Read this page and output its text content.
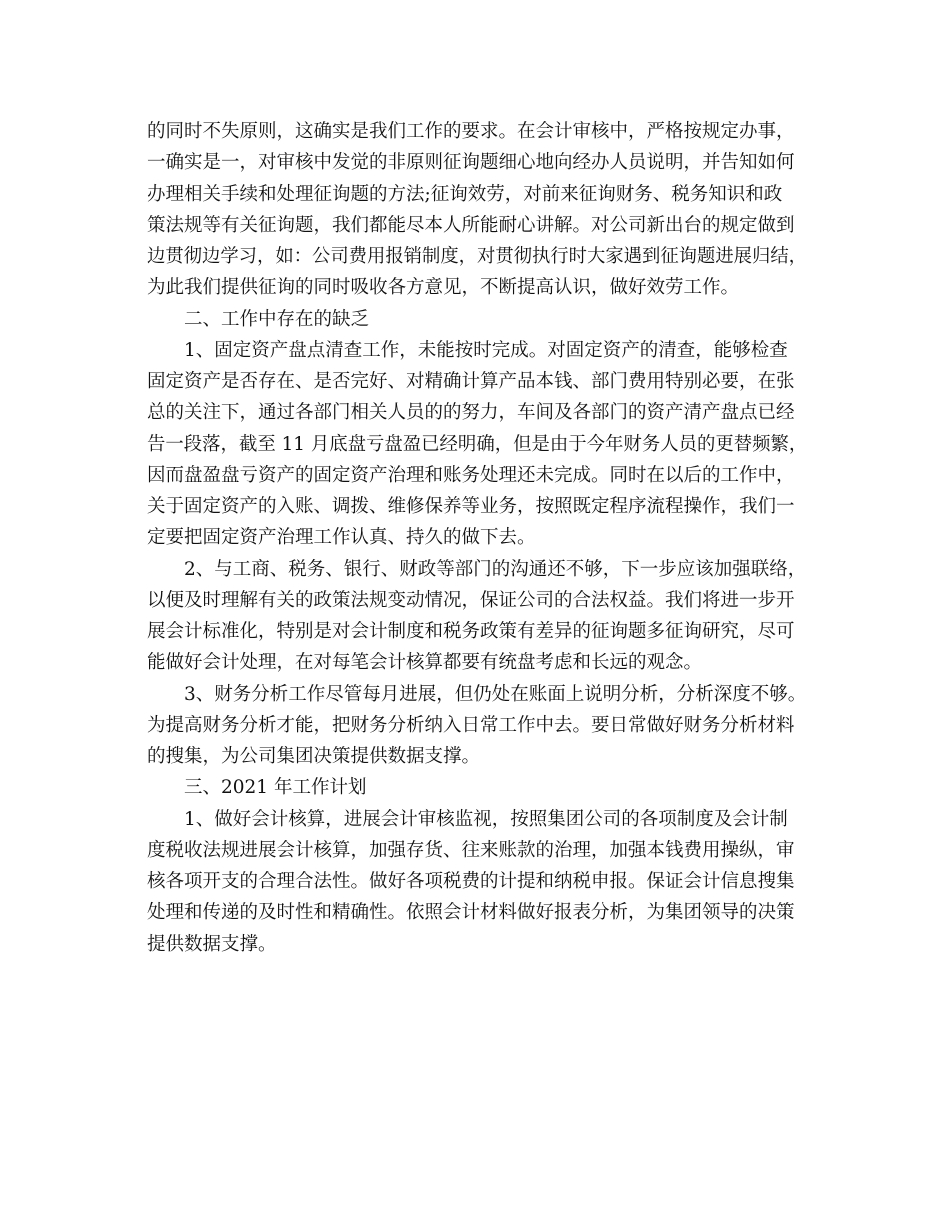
的同时不失原则，这确实是我们工作的要求。在会计审核中，严格按规定办事，
一确实是一，对审核中发觉的非原则征询题细心地向经办人员说明，并告知如何
办理相关手续和处理征询题的方法;征询效劳，对前来征询财务、税务知识和政
策法规等有关征询题，我们都能尽本人所能耐心讲解。对公司新出台的规定做到
边贯彻边学习，如：公司费用报销制度，对贯彻执行时大家遇到征询题进展归结，
为此我们提供征询的同时吸收各方意见，不断提高认识，做好效劳工作。
二、工作中存在的缺乏
1、固定资产盘点清查工作，未能按时完成。对固定资产的清查，能够检查
固定资产是否存在、是否完好、对精确计算产品本钱、部门费用特别必要，在张
总的关注下，通过各部门相关人员的的努力，车间及各部门的资产清产盘点已经
告一段落，截至 11 月底盘亏盘盈已经明确，但是由于今年财务人员的更替频繁，
因而盘盈盘亏资产的固定资产治理和账务处理还未完成。同时在以后的工作中，
关于固定资产的入账、调拨、维修保养等业务，按照既定程序流程操作，我们一
定要把固定资产治理工作认真、持久的做下去。
2、与工商、税务、银行、财政等部门的沟通还不够，下一步应该加强联络，
以便及时理解有关的政策法规变动情况，保证公司的合法权益。我们将进一步开
展会计标准化，特别是对会计制度和税务政策有差异的征询题多征询研究，尽可
能做好会计处理，在对每笔会计核算都要有统盘考虑和长远的观念。
3、财务分析工作尽管每月进展，但仍处在账面上说明分析，分析深度不够。
为提高财务分析才能，把财务分析纳入日常工作中去。要日常做好财务分析材料
的搜集，为公司集团决策提供数据支撑。
三、2021 年工作计划
1、做好会计核算，进展会计审核监视，按照集团公司的各项制度及会计制
度税收法规进展会计核算，加强存货、往来账款的治理，加强本钱费用操纵，审
核各项开支的合理合法性。做好各项税费的计提和纳税申报。保证会计信息搜集
处理和传递的及时性和精确性。依照会计材料做好报表分析，为集团领导的决策
提供数据支撑。
